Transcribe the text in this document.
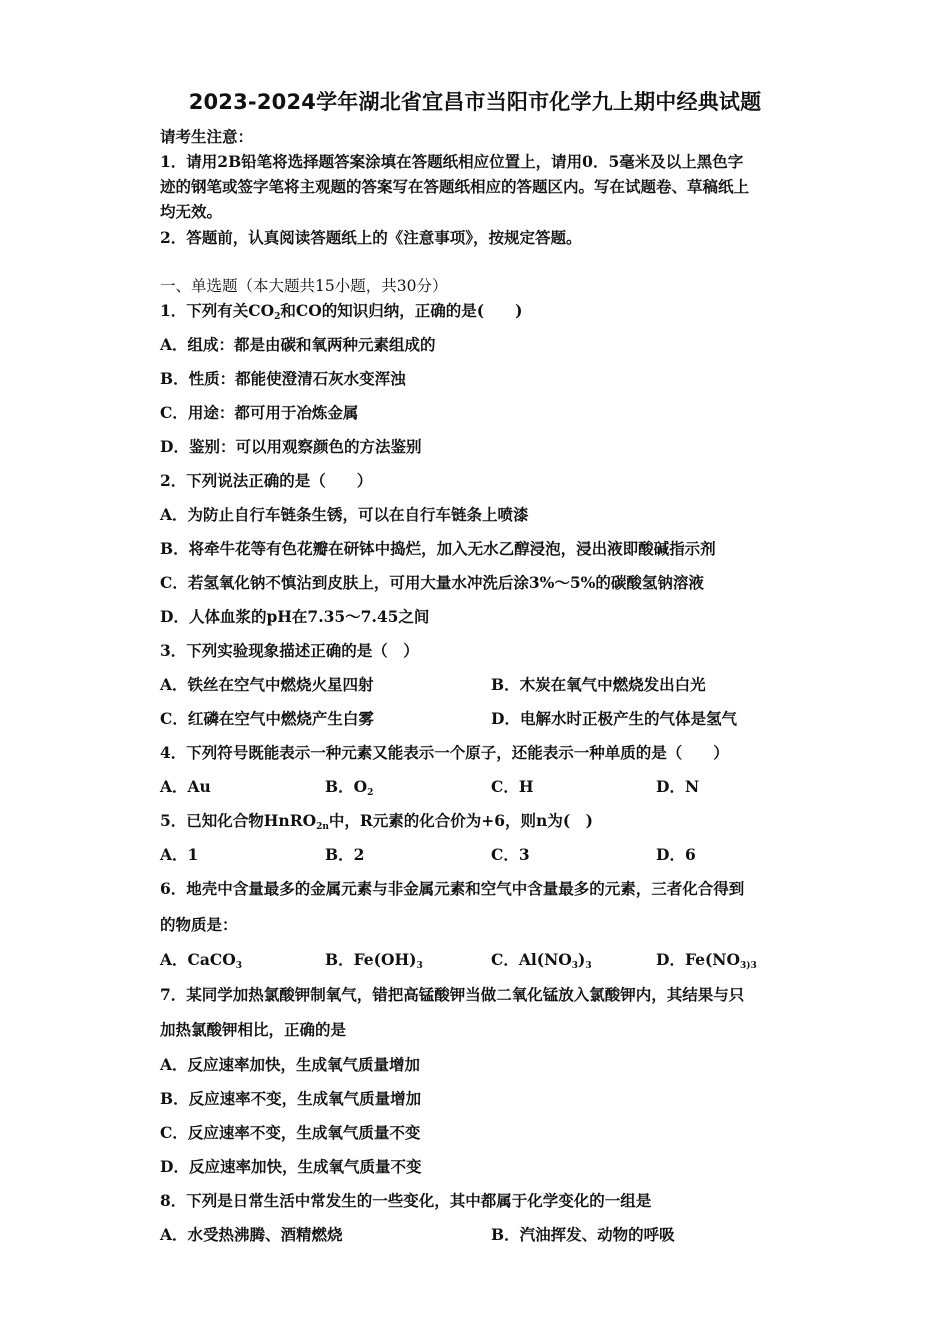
2023-2024学年湖北省宜昌市当阳市化学九上期中经典试题
请考生注意：
1．请用2B铅笔将选择题答案涂填在答题纸相应位置上，请用0．5毫米及以上黑色字
迹的钢笔或签字笔将主观题的答案写在答题纸相应的答题区内。写在试题卷、草稿纸上
均无效。
2．答题前，认真阅读答题纸上的《注意事项》，按规定答题。
一、单选题（本大题共15小题，共30分）
1．下列有关$CO_2$和CO的知识归纳，正确的是(　　)
A．组成：都是由碳和氧两种元素组成的
B．性质：都能使澄清石灰水变浑浊
C．用途：都可用于冶炼金属
D．鉴别：可以用观察颜色的方法鉴别
2．下列说法正确的是（　　）
A．为防止自行车链条生锈，可以在自行车链条上喷漆
B．将牵牛花等有色花瓣在研钵中捣烂，加入无水乙醇浸泡，浸出液即酸碱指示剂
C．若氢氧化钠不慎沾到皮肤上，可用大量水冲洗后涂3%～5%的碳酸氢钠溶液
D．人体血浆的pH在7.35～7.45之间
3．下列实验现象描述正确的是（　）
A．铁丝在空气中燃烧火星四射	B．木炭在氧气中燃烧发出白光
C．红磷在空气中燃烧产生白雾	D．电解水时正极产生的气体是氢气
4．下列符号既能表示一种元素又能表示一个原子，还能表示一种单质的是（　　）
A．Au	B．$O_2$	C．H	D．N
5．已知化合物HnRO$_{2n}$中，R元素的化合价为+6，则n为(　)
A．1	B．2	C．3	D．6
6．地壳中含量最多的金属元素与非金属元素和空气中含量最多的元素，三者化合得到
的物质是：
A．CaCO$_3$	B．$Fe(OH)_3$	C．$Al(NO_3)_3$	D．$Fe(NO_{3)3}$
7．某同学加热氯酸钾制氧气，错把高锰酸钾当做二氧化锰放入氯酸钾内，其结果与只
加热氯酸钾相比，正确的是
A．反应速率加快，生成氧气质量增加
B．反应速率不变，生成氧气质量增加
C．反应速率不变，生成氧气质量不变
D．反应速率加快，生成氧气质量不变
8．下列是日常生活中常发生的一些变化，其中都属于化学变化的一组是
A．水受热沸腾、酒精燃烧	B．汽油挥发、动物的呼吸
